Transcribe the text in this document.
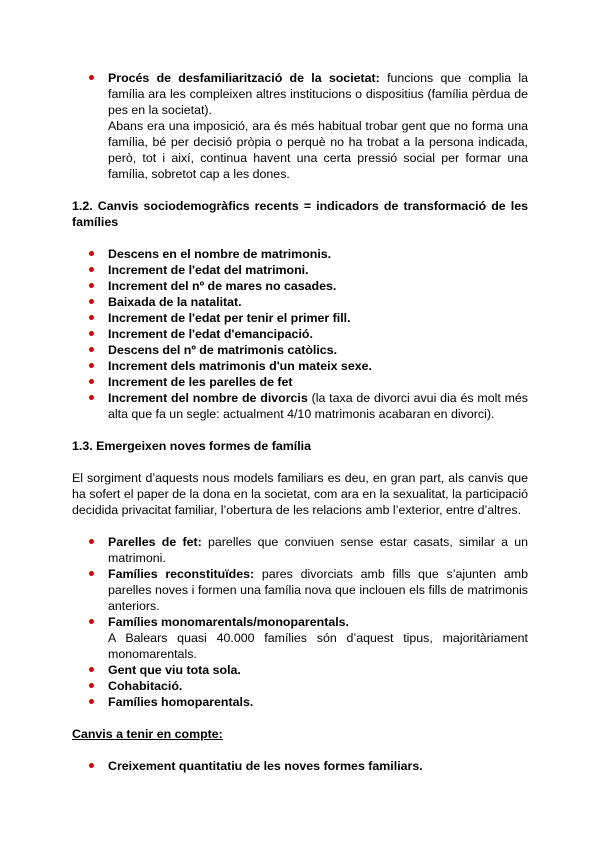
Procés de desfamiliarització de la societat: funcions que complia la família ara les compleixen altres institucions o dispositius (família pèrdua de pes en la societat).
Abans era una imposició, ara és més habitual trobar gent que no forma una família, bé per decisió pròpia o perquè no ha trobat a la persona indicada, però, tot i així, continua havent una certa pressió social per formar una família, sobretot cap a les dones.
1.2. Canvis sociodemogràfics recents = indicadors de transformació de les famílies
Descens en el nombre de matrimonis.
Increment de l'edat del matrimoni.
Increment del nº de mares no casades.
Baixada de la natalitat.
Increment de l'edat per tenir el primer fill.
Increment de l'edat d'emancipació.
Descens del nº de matrimonis catòlics.
Increment dels matrimonis d'un mateix sexe.
Increment de les parelles de fet
Increment del nombre de divorcis (la taxa de divorci avui dia és molt més alta que fa un segle: actualment 4/10 matrimonis acabaran en divorci).
1.3. Emergeixen noves formes de família
El sorgiment d’aquests nous models familiars es deu, en gran part, als canvis que ha sofert el paper de la dona en la societat, com ara en la sexualitat, la participació decidida privacitat familiar, l’obertura de les relacions amb l’exterior, entre d’altres.
Parelles de fet: parelles que conviuen sense estar casats, similar a un matrimoni.
Famílies reconstituïdes: pares divorciats amb fills que s’ajunten amb parelles noves i formen una família nova que inclouen els fills de matrimonis anteriors.
Famílies monomarentals/monoparentals.
A Balears quasi 40.000 famílies són d’aquest tipus, majoritàriament monomarentals.
Gent que viu tota sola.
Cohabitació.
Famílies homoparentals.
Canvis a tenir en compte:
Creixement quantitatiu de les noves formes familiars.
